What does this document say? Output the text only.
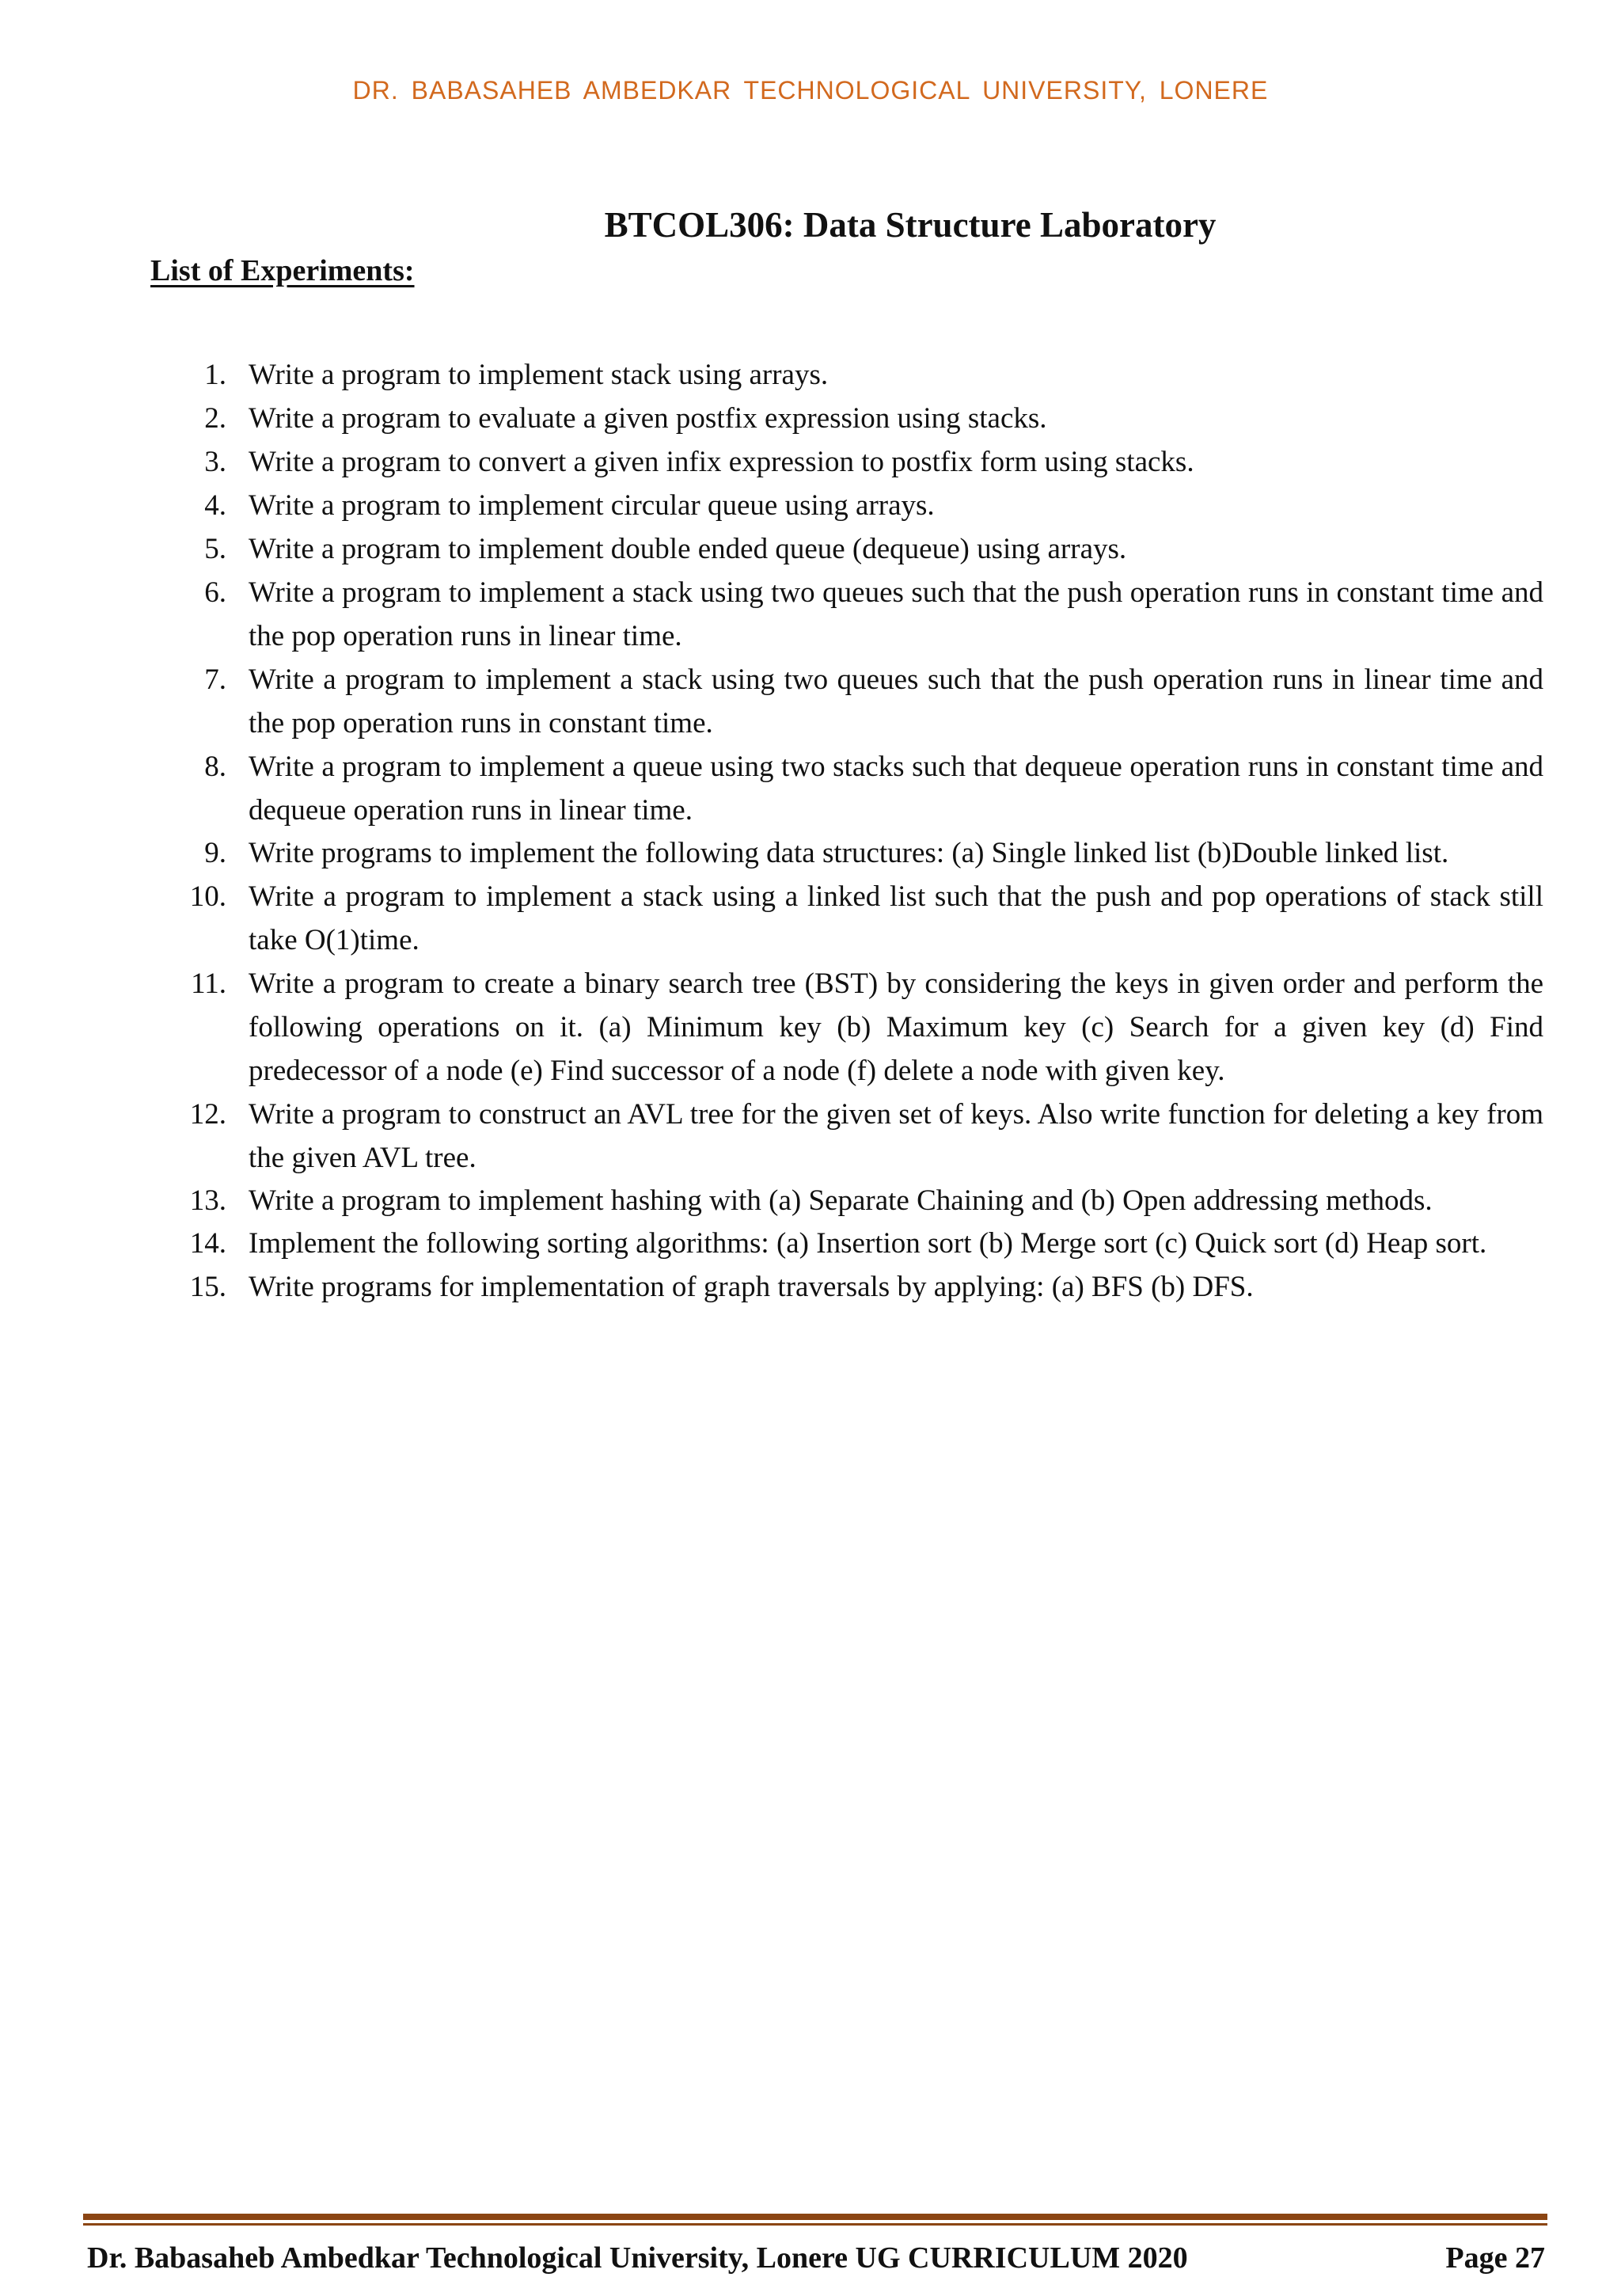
DR. BABASAHEB AMBEDKAR TECHNOLOGICAL UNIVERSITY, LONERE
BTCOL306: Data Structure Laboratory
List of Experiments:
1. Write a program to implement stack using arrays.
2. Write a program to evaluate a given postfix expression using stacks.
3. Write a program to convert a given infix expression to postfix form using stacks.
4. Write a program to implement circular queue using arrays.
5. Write a program to implement double ended queue (dequeue) using arrays.
6. Write a program to implement a stack using two queues such that the push operation runs in constant time and the pop operation runs in linear time.
7. Write a program to implement a stack using two queues such that the push operation runs in linear time and the pop operation runs in constant time.
8. Write a program to implement a queue using two stacks such that dequeue operation runs in constant time and dequeue operation runs in linear time.
9. Write programs to implement the following data structures: (a) Single linked list (b)Double linked list.
10. Write a program to implement a stack using a linked list such that the push and pop operations of stack still take O(1)time.
11. Write a program to create a binary search tree (BST) by considering the keys in given order and perform the following operations on it. (a) Minimum key (b) Maximum key (c) Search for a given key (d) Find predecessor of a node (e) Find successor of a node (f) delete a node with given key.
12. Write a program to construct an AVL tree for the given set of keys. Also write function for deleting a key from the given AVL tree.
13. Write a program to implement hashing with (a) Separate Chaining and (b) Open addressing methods.
14. Implement the following sorting algorithms: (a) Insertion sort (b) Merge sort (c) Quick sort (d) Heap sort.
15. Write programs for implementation of graph traversals by applying: (a) BFS (b) DFS.
Dr. Babasaheb Ambedkar Technological University, Lonere UG CURRICULUM 2020	Page 27
